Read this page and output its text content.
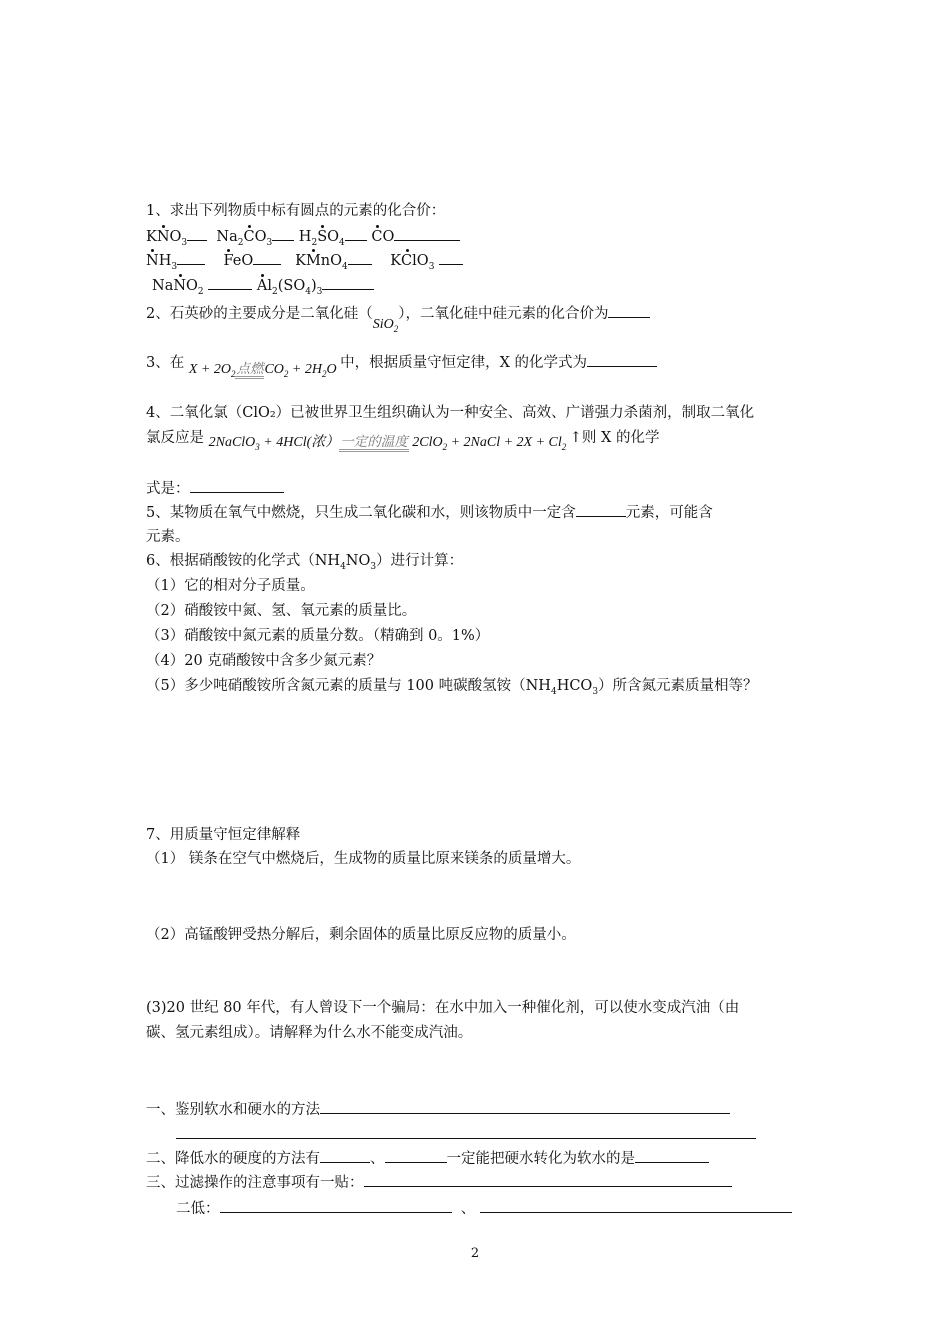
1、求出下列物质中标有圆点的元素的化合价：
$KNO_3$ $Na_2CO_3$ $H_2SO_4$ CO
$NH_3$	FeO	KMnO$_4$	KClO$_3$
NaNO$_2$	$Al_2(SO_4)_3$
2、石英砂的主要成分是二氧化硅（SiO$_2$），二氧化硅中硅元素的化合价为
3、在 $X + 2O_2$点燃$CO_2 + 2H_2O$ 中，根据质量守恒定律，X 的化学式为
4、二氧化氯（ClO₂）已被世界卫生组织确认为一种安全、高效、广谱强力杀菌剂，制取二氧化
氯反应是 2NaClO$_3$ + 4HCl(浓）一定的温度 2ClO$_2$ + 2NaCl + $2X + Cl_2$ ↑则 X 的化学
式是：
5、某物质在氧气中燃烧，只生成二氧化碳和水，则该物质中一定含	元素，可能含
元素。
6、根据硝酸铵的化学式$(NH_4NO_3)$进行计算：
（1）它的相对分子质量。
（2）硝酸铵中氮、氢、氧元素的质量比。
（3）硝酸铵中氮元素的质量分数。（精确到 0。1%）
（4）20 克硝酸铵中含多少氮元素？
（5）多少吨硝酸铵所含氮元素的质量与 100 吨碳酸氢铵$(NH_4HCO_3)$所含氮元素质量相等？
7、用质量守恒定律解释
（1） 镁条在空气中燃烧后，生成物的质量比原来镁条的质量增大。
（2）高锰酸钾受热分解后，剩余固体的质量比原反应物的质量小。
(3)20 世纪 80 年代，有人曾设下一个骗局：在水中加入一种催化剂，可以使水变成汽油（由
碳、氢元素组成）。请解释为什么水不能变成汽油。
一、鉴别软水和硬水的方法
二、降低水的硬度的方法有	、	一定能把硬水转化为软水的是
三、过滤操作的注意事项有一贴：
二低：	、
2
